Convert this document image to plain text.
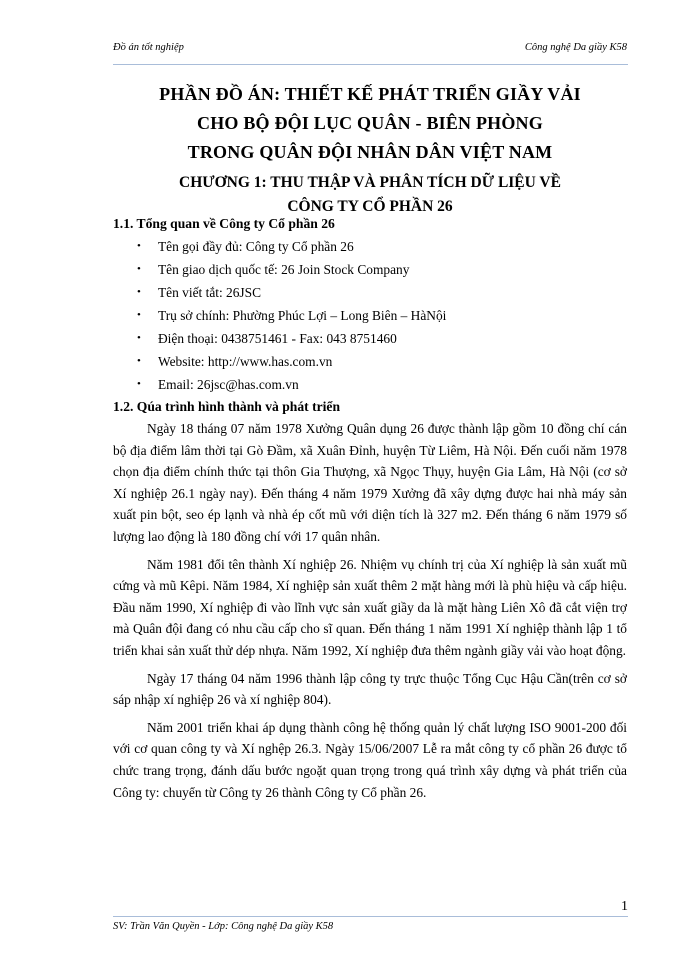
Đồ án tốt nghiệp	Công nghệ Da giầy K58
PHẦN ĐỒ ÁN: THIẾT KẾ PHÁT TRIỂN GIẦY VẢI
CHO BỘ ĐỘI LỤC QUÂN - BIÊN PHÒNG
TRONG QUÂN ĐỘI NHÂN DÂN VIỆT NAM
CHƯƠNG 1: THU THẬP VÀ PHÂN TÍCH DỮ LIỆU VỀ
CÔNG TY CỔ PHẦN 26
1.1. Tổng quan về Công ty Cổ phần 26
• Tên gọi đầy đủ: Công ty Cổ phần 26
• Tên giao dịch quốc tế: 26 Join Stock Company
• Tên viết tắt: 26JSC
• Trụ sở chính: Phường Phúc Lợi – Long Biên – HàNội
• Điện thoại: 0438751461 - Fax: 043 8751460
• Website: http://www.has.com.vn
• Email: 26jsc@has.com.vn
1.2. Qúa trình hình thành và phát triển

Ngày 18 tháng 07 năm 1978 Xưởng Quân dụng 26 được thành lập gồm 10 đồng chí cán bộ địa điểm lâm thời tại Gò Đầm, xã Xuân Đỉnh, huyện Từ Liêm, Hà Nội. Đến cuối năm 1978 chọn địa điểm chính thức tại thôn Gia Thượng, xã Ngọc Thụy, huyện Gia Lâm, Hà Nội (cơ sở Xí nghiệp 26.1 ngày nay). Đến tháng 4 năm 1979 Xưởng đã xây dựng được hai nhà máy sản xuất pin bột, seo ép lạnh và nhà ép cốt mũ với diện tích là 327 m2. Đến tháng 6 năm 1979 số lượng lao động là 180 đồng chí với 17 quân nhân.

Năm 1981 đổi tên thành Xí nghiệp 26. Nhiệm vụ chính trị của Xí nghiệp là sản xuất mũ cứng và mũ Kêpi. Năm 1984, Xí nghiệp sản xuất thêm 2 mặt hàng mới là phù hiệu và cấp hiệu. Đầu năm 1990, Xí nghiệp đi vào lĩnh vực sản xuất giầy da là mặt hàng Liên Xô đã cắt viện trợ mà Quân đội đang có nhu cầu cấp cho sĩ quan. Đến tháng 1 năm 1991 Xí nghiệp thành lập 1 tổ triển khai sản xuất thử dép nhựa. Năm 1992, Xí nghiệp đưa thêm ngành giầy vải vào hoạt động.

Ngày 17 tháng 04 năm 1996 thành lập công ty trực thuộc Tổng Cục Hậu Cần(trên cơ sở sáp nhập xí nghiệp 26 và xí nghiệp 804).

Năm 2001 triển khai áp dụng thành công hệ thống quản lý chất lượng ISO 9001-200 đối với cơ quan công ty và Xí nghệp 26.3. Ngày 15/06/2007 Lễ ra mắt công ty cổ phần 26 được tổ chức trang trọng, đánh dấu bước ngoặt quan trọng trong quá trình xây dựng và phát triển của Công ty: chuyển từ Công ty 26 thành Công ty Cổ phần 26.

1
SV: Trần Văn Quyền - Lớp: Công nghệ Da giầy K58
